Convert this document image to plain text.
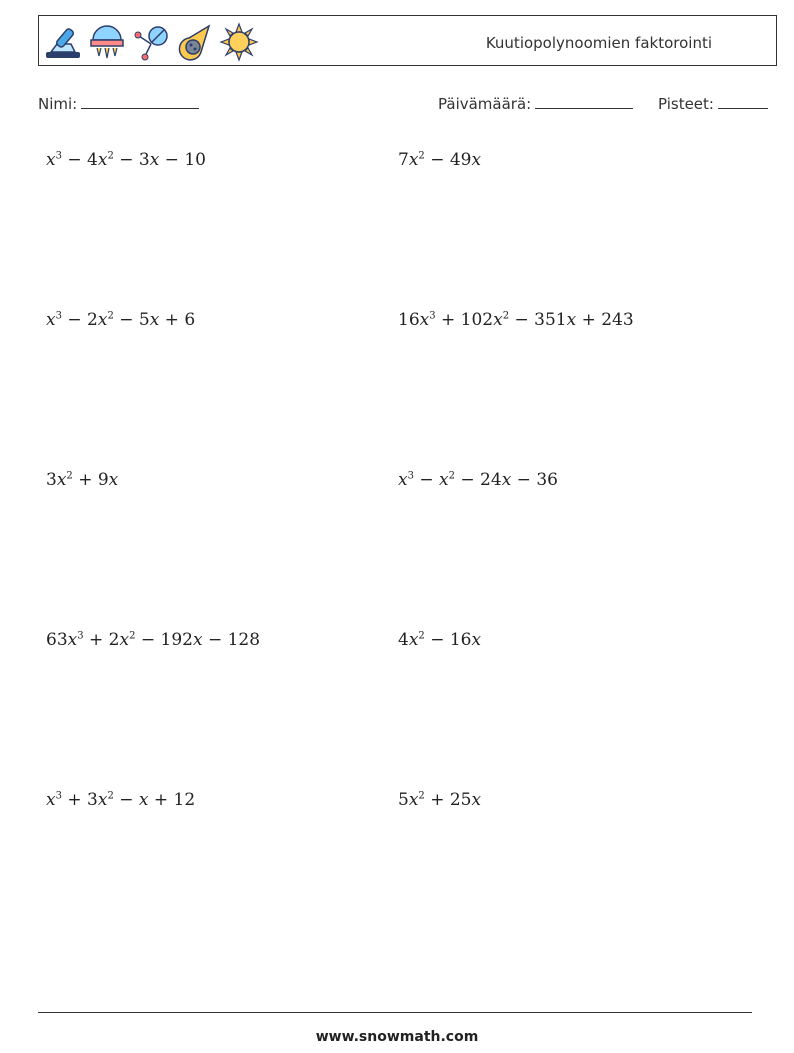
Kuutiopolynoomien faktorointi
Nimi:	Päivämäärä:	Pisteet:
$x^3 - 4x^2 - 3x - 10$	$7x^2 - 49x$
$x^3 - 2x^2 - 5x + 6$	$16x^3 + 102x^2 - 351x + 243$
$3x^2 + 9x$	$x^3 - x^2 - 24x - 36$
$63x^3 + 2x^2 - 192x - 128$	$4x^2 - 16x$
$x^3 + 3x^2 - x + 12$	$5x^2 + 25x$
www.snowmath.com
